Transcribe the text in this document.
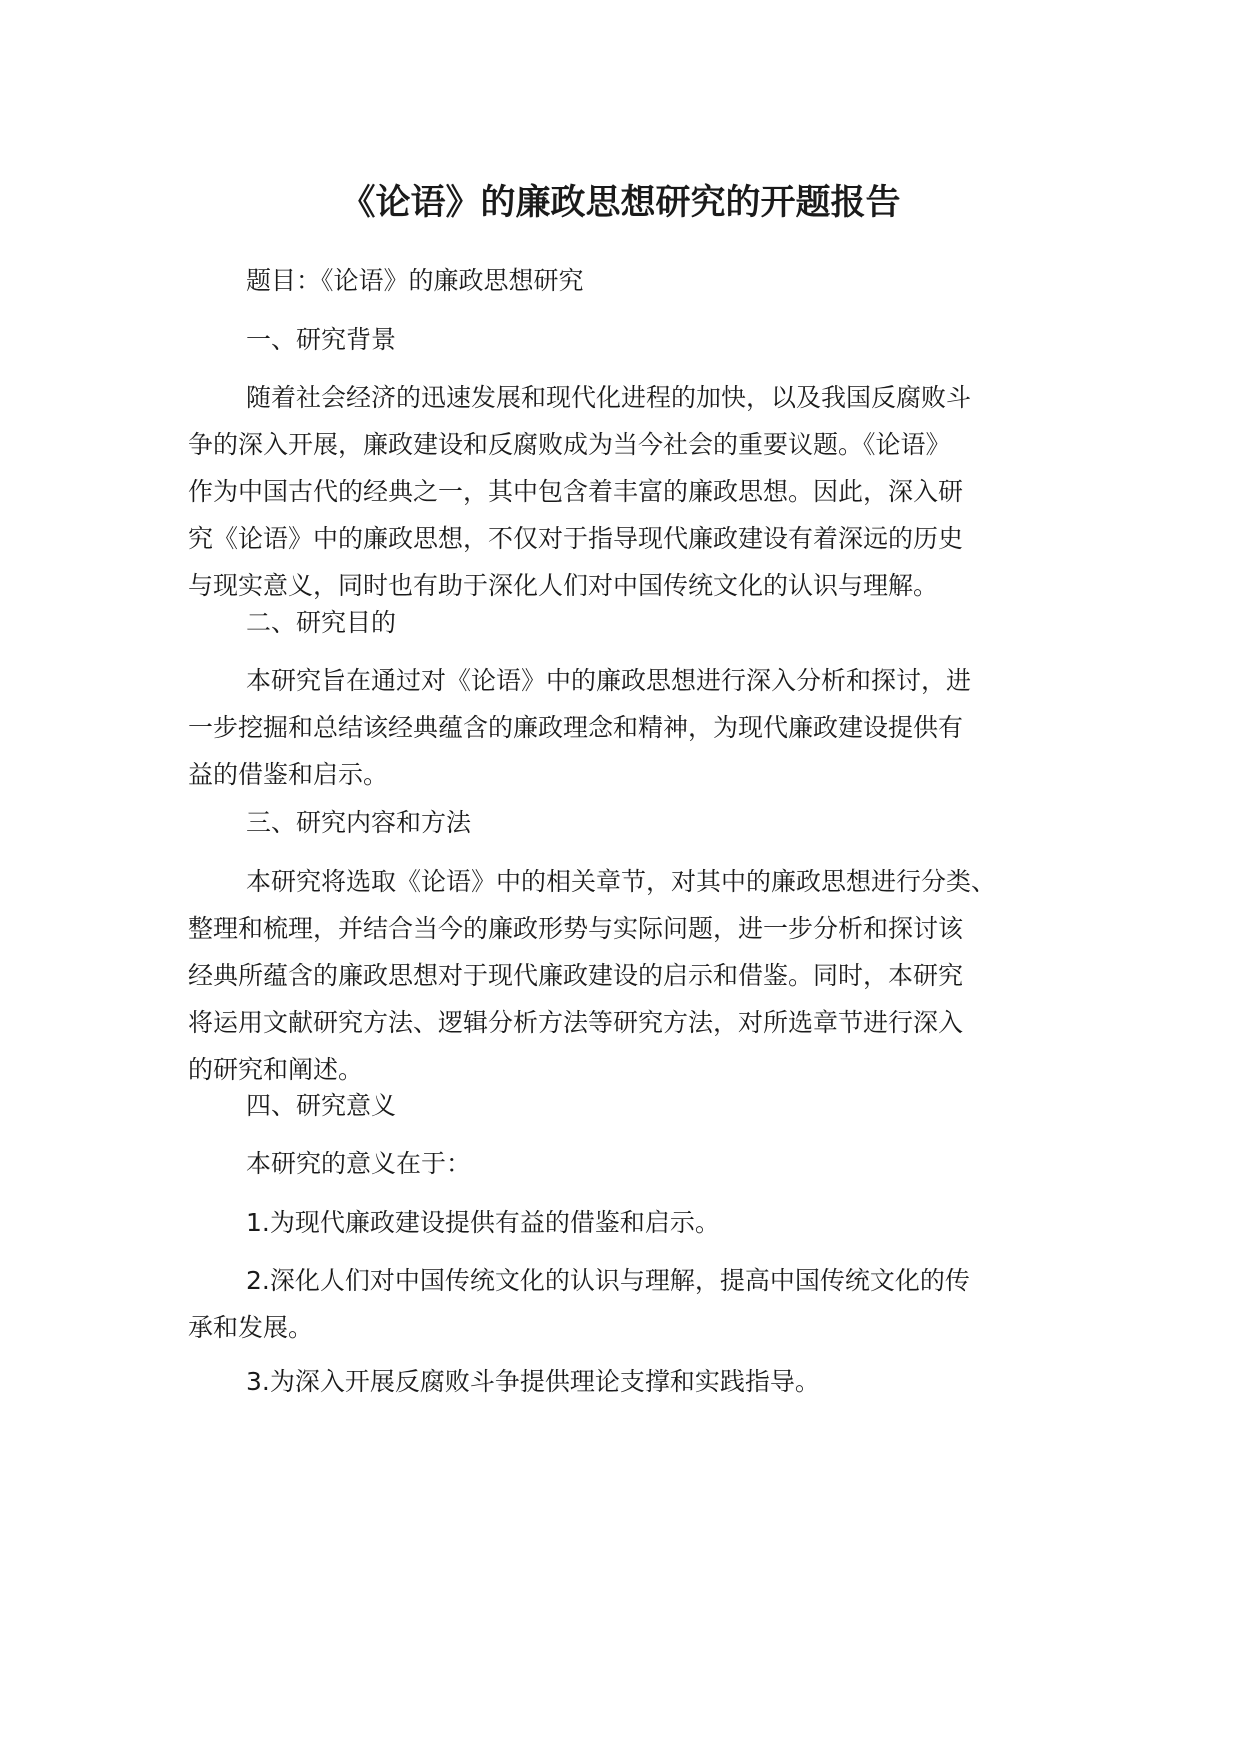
《论语》的廉政思想研究的开题报告
题目：《论语》的廉政思想研究
一、研究背景
随着社会经济的迅速发展和现代化进程的加快，以及我国反腐败斗
争的深入开展，廉政建设和反腐败成为当今社会的重要议题。《论语》
作为中国古代的经典之一，其中包含着丰富的廉政思想。因此，深入研
究《论语》中的廉政思想，不仅对于指导现代廉政建设有着深远的历史
与现实意义，同时也有助于深化人们对中国传统文化的认识与理解。
二、研究目的
本研究旨在通过对《论语》中的廉政思想进行深入分析和探讨，进
一步挖掘和总结该经典蕴含的廉政理念和精神，为现代廉政建设提供有
益的借鉴和启示。
三、研究内容和方法
本研究将选取《论语》中的相关章节，对其中的廉政思想进行分类、
整理和梳理，并结合当今的廉政形势与实际问题，进一步分析和探讨该
经典所蕴含的廉政思想对于现代廉政建设的启示和借鉴。同时，本研究
将运用文献研究方法、逻辑分析方法等研究方法，对所选章节进行深入
的研究和阐述。
四、研究意义
本研究的意义在于：
1.为现代廉政建设提供有益的借鉴和启示。
2.深化人们对中国传统文化的认识与理解，提高中国传统文化的传
承和发展。
3.为深入开展反腐败斗争提供理论支撑和实践指导。
